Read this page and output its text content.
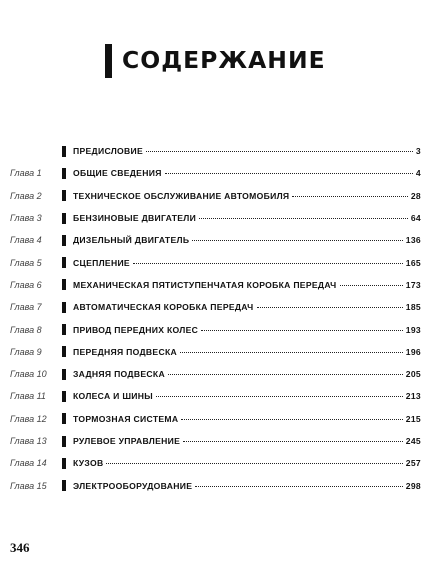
СОДЕРЖАНИЕ
ПРЕДИСЛОВИЕ	3
Глава 1	ОБЩИЕ СВЕДЕНИЯ	4
Глава 2	ТЕХНИЧЕСКОЕ ОБСЛУЖИВАНИЕ АВТОМОБИЛЯ	28
Глава 3	БЕНЗИНОВЫЕ ДВИГАТЕЛИ	64
Глава 4	ДИЗЕЛЬНЫЙ ДВИГАТЕЛЬ	136
Глава 5	СЦЕПЛЕНИЕ	165
Глава 6	МЕХАНИЧЕСКАЯ ПЯТИСТУПЕНЧАТАЯ КОРОБКА ПЕРЕДАЧ	173
Глава 7	АВТОМАТИЧЕСКАЯ КОРОБКА ПЕРЕДАЧ	185
Глава 8	ПРИВОД ПЕРЕДНИХ КОЛЕС	193
Глава 9	ПЕРЕДНЯЯ ПОДВЕСКА	196
Глава 10	ЗАДНЯЯ ПОДВЕСКА	205
Глава 11	КОЛЕСА И ШИНЫ	213
Глава 12	ТОРМОЗНАЯ СИСТЕМА	215
Глава 13	РУЛЕВОЕ УПРАВЛЕНИЕ	245
Глава 14	КУЗОВ	257
Глава 15	ЭЛЕКТРООБОРУДОВАНИЕ	298
346
